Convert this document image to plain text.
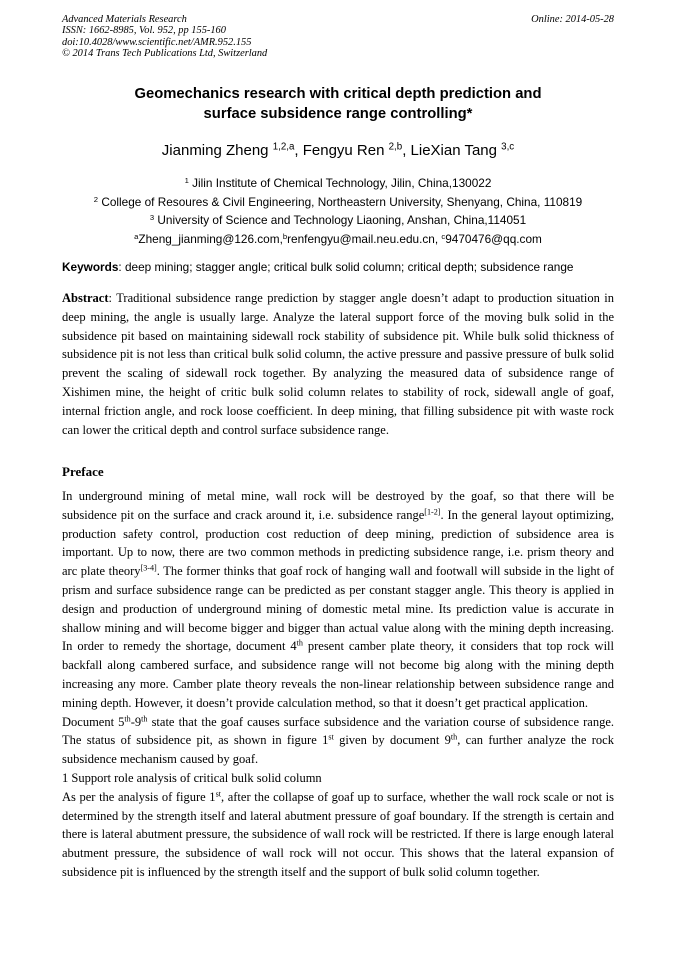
Advanced Materials Research
ISSN: 1662-8985, Vol. 952, pp 155-160
doi:10.4028/www.scientific.net/AMR.952.155
© 2014 Trans Tech Publications Ltd, Switzerland
Online: 2014-05-28
Geomechanics research with critical depth prediction and
surface subsidence range controlling*
Jianming Zheng $^{1,2,a}$, Fengyu Ren $^{2,b}$, LieXian Tang $^{3,c}$
$^1$ Jilin Institute of Chemical Technology, Jilin, China,130022
$^2$ College of Resoures & Civil Engineering, Northeastern University, Shenyang, China, 110819
$^3$ University of Science and Technology Liaoning, Anshan, China,114051
$^a$Zheng_jianming@126.com,$^b$renfengyu@mail.neu.edu.cn, $^c$9470476@qq.com
Keywords: deep mining; stagger angle; critical bulk solid column; critical depth; subsidence range
Abstract: Traditional subsidence range prediction by stagger angle doesn’t adapt to production situation in deep mining, the angle is usually large. Analyze the lateral support force of the moving bulk solid in the subsidence pit based on maintaining sidewall rock stability of subsidence pit. While bulk solid thickness of subsidence pit is not less than critical bulk solid column, the active pressure and passive pressure of bulk solid prevent the scaling of sidewall rock together. By analyzing the measured data of subsidence range of Xishimen mine, the height of critic bulk solid column relates to stability of rock, sidewall angle of goaf, internal friction angle, and rock loose coefficient. In deep mining, that filling subsidence pit with waste rock can lower the critical depth and control surface subsidence range.
Preface

In underground mining of metal mine, wall rock will be destroyed by the goaf, so that there will be subsidence pit on the surface and crack around it, i.e. subsidence range[1-2]. In the general layout optimizing, production safety control, production cost reduction of deep mining, prediction of subsidence area is important. Up to now, there are two common methods in predicting subsidence range, i.e. prism theory and arc plate theory[3-4]. The former thinks that goaf rock of hanging wall and footwall will subside in the light of prism and surface subsidence range can be predicted as per constant stagger angle. This theory is applied in design and production of underground mining of domestic metal mine. Its prediction value is accurate in shallow mining and will become bigger and bigger than actual value along with the mining depth increasing. In order to remedy the shortage, document 4th present camber plate theory, it considers that top rock will backfall along cambered surface, and subsidence range will not become big along with the mining depth increasing any more. Camber plate theory reveals the non-linear relationship between subsidence range and mining depth. However, it doesn’t provide calculation method, so that it doesn’t get practical application.

Document 5th-9th state that the goaf causes surface subsidence and the variation course of subsidence range. The status of subsidence pit, as shown in figure 1st given by document 9th, can further analyze the rock subsidence mechanism caused by goaf.

1 Support role analysis of critical bulk solid column

As per the analysis of figure 1st, after the collapse of goaf up to surface, whether the wall rock scale or not is determined by the strength itself and lateral abutment pressure of goaf boundary. If the strength is certain and there is lateral abutment pressure, the subsidence of wall rock will be restricted. If there is large enough lateral abutment pressure, the subsidence of wall rock will not occur. This shows that the lateral expansion of subsidence pit is influenced by the strength itself and the support of bulk solid column together.
